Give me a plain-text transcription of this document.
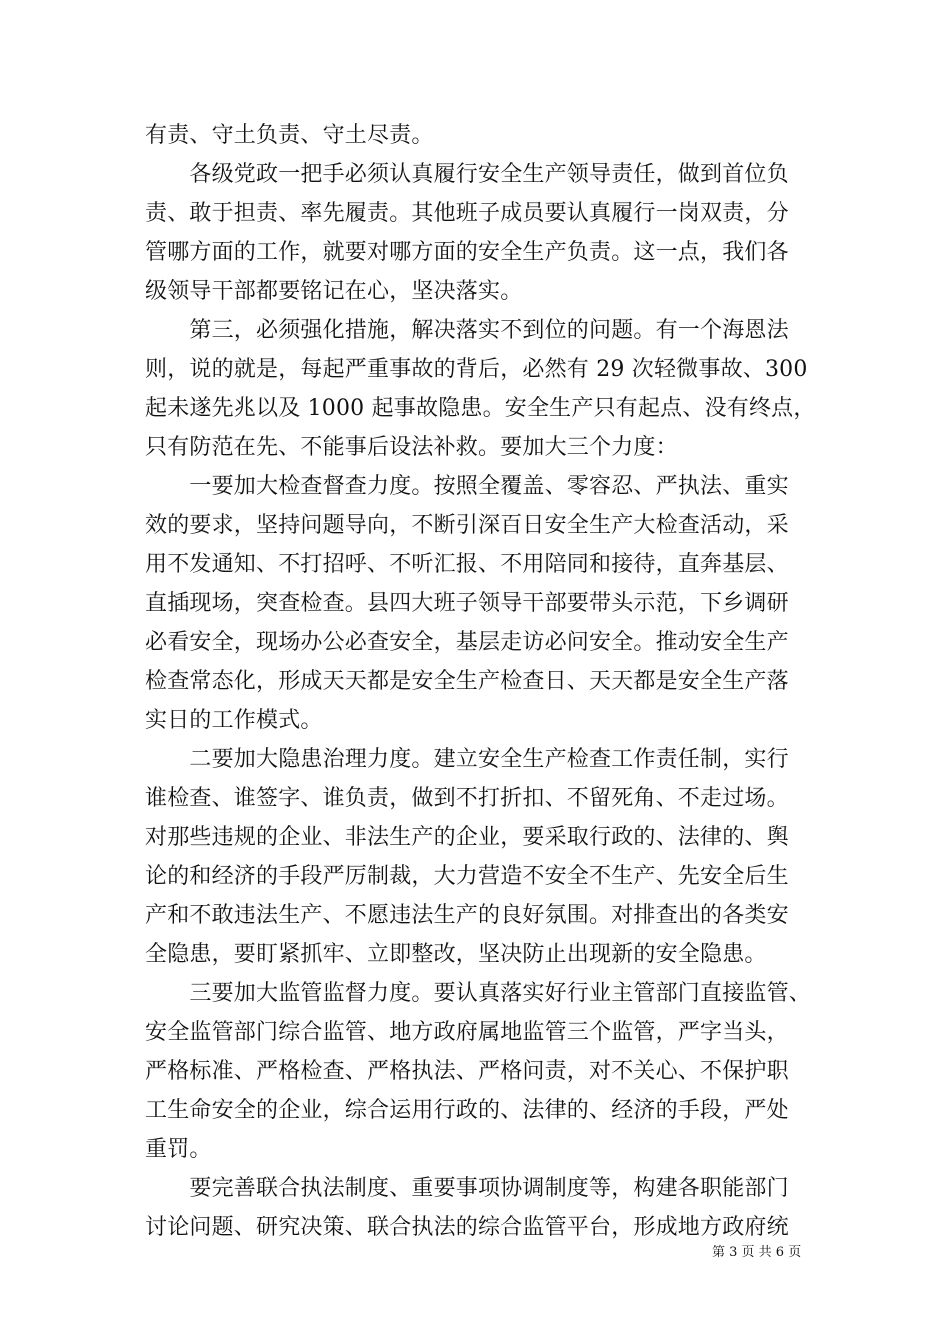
有责、守土负责、守土尽责。
　　各级党政一把手必须认真履行安全生产领导责任，做到首位负
责、敢于担责、率先履责。其他班子成员要认真履行一岗双责，分
管哪方面的工作，就要对哪方面的安全生产负责。这一点，我们各
级领导干部都要铭记在心，坚决落实。
　　第三，必须强化措施，解决落实不到位的问题。有一个海恩法
则，说的就是，每起严重事故的背后，必然有 29 次轻微事故、300
起未遂先兆以及 1000 起事故隐患。安全生产只有起点、没有终点，
只有防范在先、不能事后设法补救。要加大三个力度：
　　一要加大检查督查力度。按照全覆盖、零容忍、严执法、重实
效的要求，坚持问题导向，不断引深百日安全生产大检查活动，采
用不发通知、不打招呼、不听汇报、不用陪同和接待，直奔基层、
直插现场，突查检查。县四大班子领导干部要带头示范，下乡调研
必看安全，现场办公必查安全，基层走访必问安全。推动安全生产
检查常态化，形成天天都是安全生产检查日、天天都是安全生产落
实日的工作模式。
　　二要加大隐患治理力度。建立安全生产检查工作责任制，实行
谁检查、谁签字、谁负责，做到不打折扣、不留死角、不走过场。
对那些违规的企业、非法生产的企业，要采取行政的、法律的、舆
论的和经济的手段严厉制裁，大力营造不安全不生产、先安全后生
产和不敢违法生产、不愿违法生产的良好氛围。对排查出的各类安
全隐患，要盯紧抓牢、立即整改，坚决防止出现新的安全隐患。
　　三要加大监管监督力度。要认真落实好行业主管部门直接监管、
安全监管部门综合监管、地方政府属地监管三个监管，严字当头，
严格标准、严格检查、严格执法、严格问责，对不关心、不保护职
工生命安全的企业，综合运用行政的、法律的、经济的手段，严处
重罚。
　　要完善联合执法制度、重要事项协调制度等，构建各职能部门
讨论问题、研究决策、联合执法的综合监管平台，形成地方政府统
第 3 页 共 6 页
